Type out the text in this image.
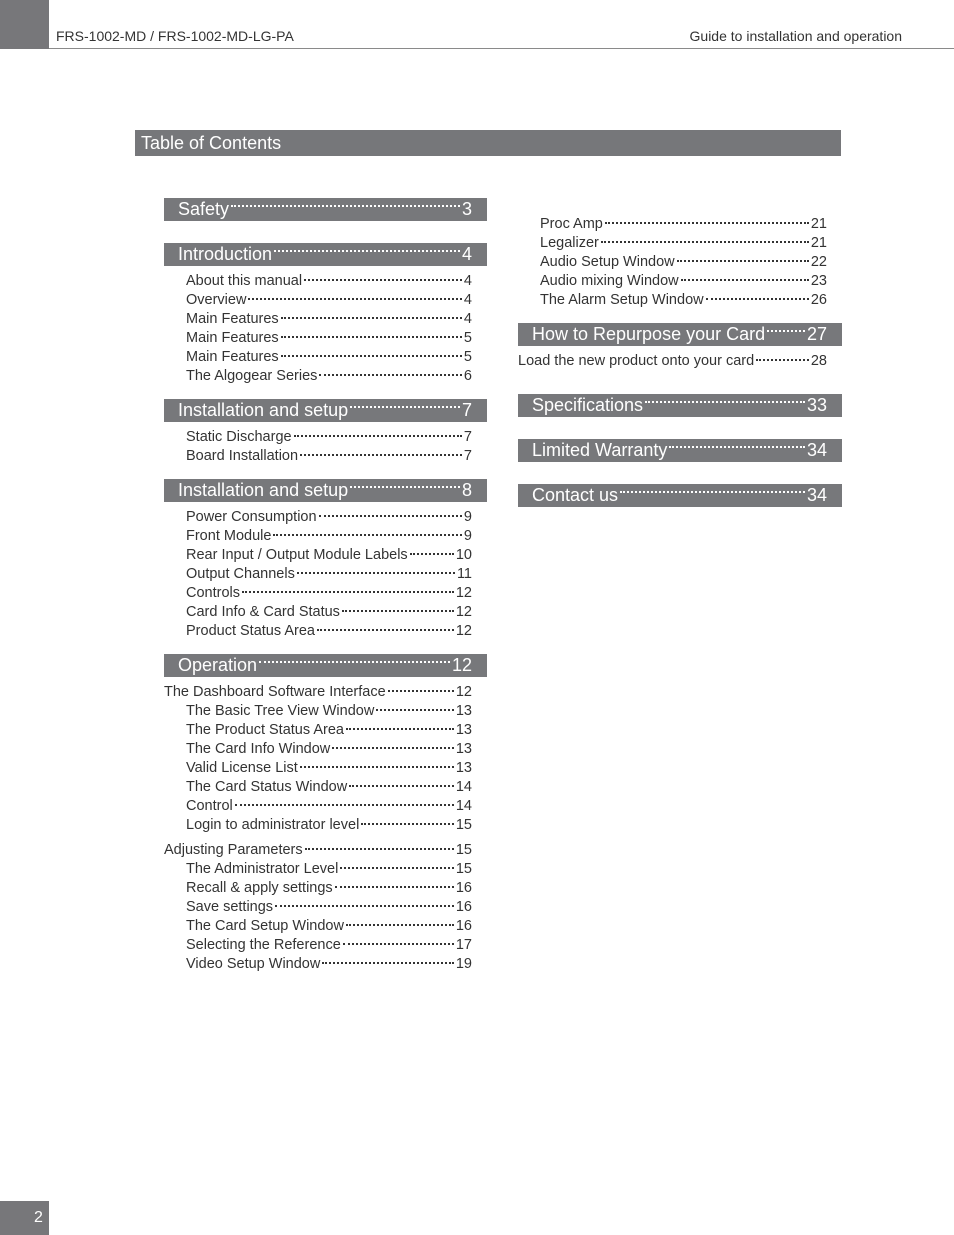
FRS-1002-MD / FRS-1002-MD-LG-PA	Guide to installation and operation
Table of Contents
Safety	3
Introduction	4
About this manual	4
Overview	4
Main Features	4
Main Features	5
Main Features	5
The Algogear Series	6
Installation and setup	7
Static Discharge	7
Board Installation	7
Installation and setup	8
Power Consumption	9
Front Module	9
Rear Input / Output Module Labels	10
Output Channels	11
Controls	12
Card Info & Card Status	12
Product Status Area	12
Operation	12
The Dashboard Software Interface	12
The Basic Tree View Window	13
The Product Status Area	13
The Card Info Window	13
Valid License List	13
The Card Status Window	14
Control	14
Login to administrator level	15
Adjusting Parameters	15
The Administrator Level	15
Recall & apply settings	16
Save settings	16
The Card Setup Window	16
Selecting the Reference	17
Video Setup Window	19
Proc Amp	21
Legalizer	21
Audio Setup Window	22
Audio mixing Window	23
The Alarm Setup Window	26
How to Repurpose your Card 27
Load the new product onto your card	28
Specifications	33
Limited Warranty	34
Contact us	34
2
